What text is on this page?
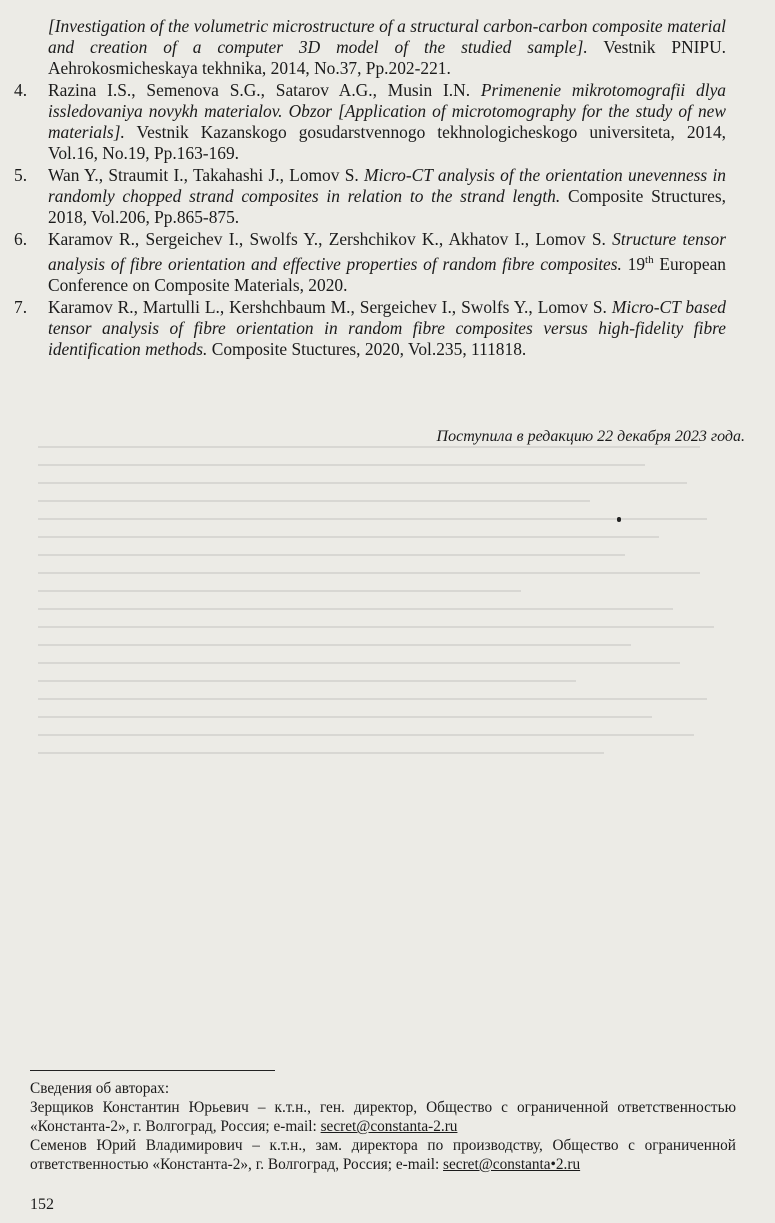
[Investigation of the volumetric microstructure of a structural carbon-carbon composite material and creation of a computer 3D model of the studied sample]. Vestnik PNIPU. Aehrokosmicheskaya tekhnika, 2014, No.37, Pp.202-221.
4. Razina I.S., Semenova S.G., Satarov A.G., Musin I.N. Primenenie mikrotomografii dlya issledovaniya novykh materialov. Obzor [Application of microtomography for the study of new materials]. Vestnik Kazanskogo gosudarstvennogo tekhnologicheskogo universiteta, 2014, Vol.16, No.19, Pp.163-169.
5. Wan Y., Straumit I., Takahashi J., Lomov S. Micro-CT analysis of the orientation unevenness in randomly chopped strand composites in relation to the strand length. Composite Structures, 2018, Vol.206, Pp.865-875.
6. Karamov R., Sergeichev I., Swolfs Y., Zershchikov K., Akhatov I., Lomov S. Structure tensor analysis of fibre orientation and effective properties of random fibre composites. 19th European Conference on Composite Materials, 2020.
7. Karamov R., Martulli L., Kershchbaum M., Sergeichev I., Swolfs Y., Lomov S. Micro-CT based tensor analysis of fibre orientation in random fibre composites versus high-fidelity fibre identification methods. Composite Stuctures, 2020, Vol.235, 111818.
Поступила в редакцию 22 декабря 2023 года.

Сведения об авторах:

Зерщиков Константин Юрьевич – к.т.н., ген. директор, Общество с ограниченной ответственностью «Константа-2», г. Волгоград, Россия; e-mail: secret@constanta-2.ru

Семенов Юрий Владимирович – к.т.н., зам. директора по производству, Общество с ограниченной ответственностью «Константа-2», г. Волгоград, Россия; e-mail: secret@constanta•2.ru

152
